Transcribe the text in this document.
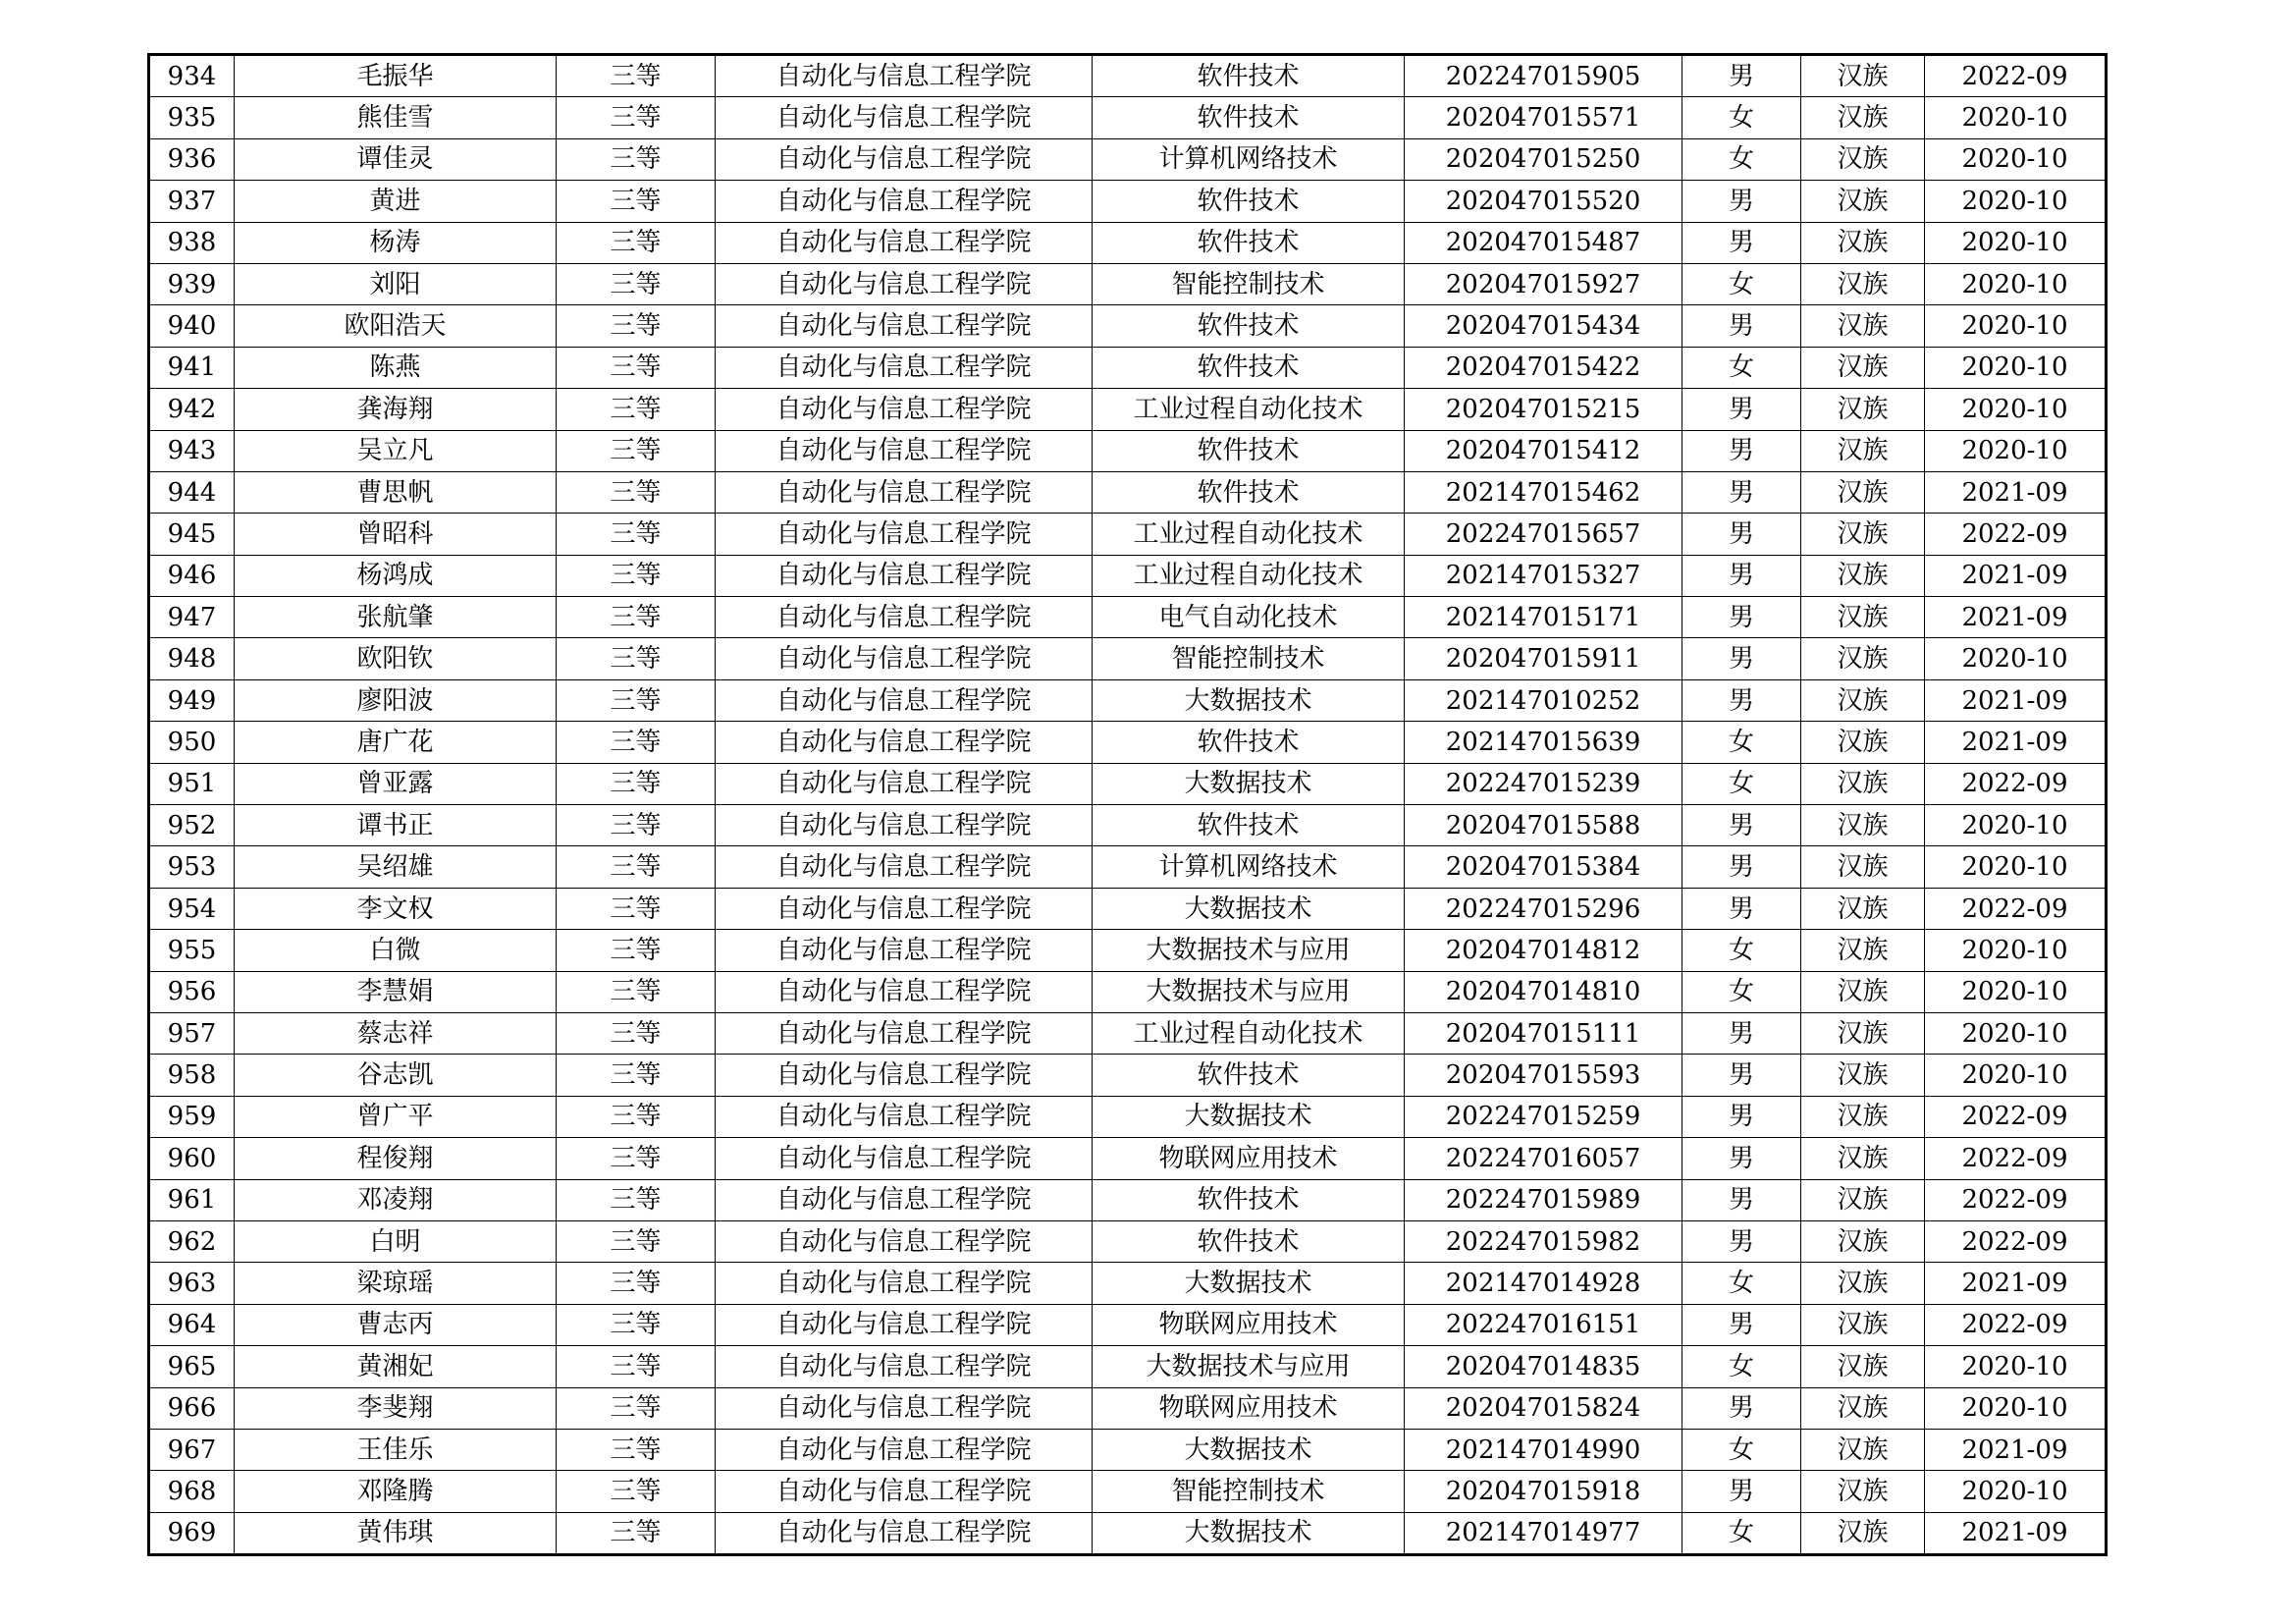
934	毛振华	三等	自动化与信息工程学院	软件技术	202247015905	男	汉族	2022-09
935	熊佳雪	三等	自动化与信息工程学院	软件技术	202047015571	女	汉族	2020-10
936	谭佳灵	三等	自动化与信息工程学院	计算机网络技术	202047015250	女	汉族	2020-10
937	黄进	三等	自动化与信息工程学院	软件技术	202047015520	男	汉族	2020-10
938	杨涛	三等	自动化与信息工程学院	软件技术	202047015487	男	汉族	2020-10
939	刘阳	三等	自动化与信息工程学院	智能控制技术	202047015927	女	汉族	2020-10
940	欧阳浩天	三等	自动化与信息工程学院	软件技术	202047015434	男	汉族	2020-10
941	陈燕	三等	自动化与信息工程学院	软件技术	202047015422	女	汉族	2020-10
942	龚海翔	三等	自动化与信息工程学院	工业过程自动化技术	202047015215	男	汉族	2020-10
943	吴立凡	三等	自动化与信息工程学院	软件技术	202047015412	男	汉族	2020-10
944	曹思帆	三等	自动化与信息工程学院	软件技术	202147015462	男	汉族	2021-09
945	曾昭科	三等	自动化与信息工程学院	工业过程自动化技术	202247015657	男	汉族	2022-09
946	杨鸿成	三等	自动化与信息工程学院	工业过程自动化技术	202147015327	男	汉族	2021-09
947	张航肇	三等	自动化与信息工程学院	电气自动化技术	202147015171	男	汉族	2021-09
948	欧阳钦	三等	自动化与信息工程学院	智能控制技术	202047015911	男	汉族	2020-10
949	廖阳波	三等	自动化与信息工程学院	大数据技术	202147010252	男	汉族	2021-09
950	唐广花	三等	自动化与信息工程学院	软件技术	202147015639	女	汉族	2021-09
951	曾亚露	三等	自动化与信息工程学院	大数据技术	202247015239	女	汉族	2022-09
952	谭书正	三等	自动化与信息工程学院	软件技术	202047015588	男	汉族	2020-10
953	吴绍雄	三等	自动化与信息工程学院	计算机网络技术	202047015384	男	汉族	2020-10
954	李文权	三等	自动化与信息工程学院	大数据技术	202247015296	男	汉族	2022-09
955	白微	三等	自动化与信息工程学院	大数据技术与应用	202047014812	女	汉族	2020-10
956	李慧娟	三等	自动化与信息工程学院	大数据技术与应用	202047014810	女	汉族	2020-10
957	蔡志祥	三等	自动化与信息工程学院	工业过程自动化技术	202047015111	男	汉族	2020-10
958	谷志凯	三等	自动化与信息工程学院	软件技术	202047015593	男	汉族	2020-10
959	曾广平	三等	自动化与信息工程学院	大数据技术	202247015259	男	汉族	2022-09
960	程俊翔	三等	自动化与信息工程学院	物联网应用技术	202247016057	男	汉族	2022-09
961	邓凌翔	三等	自动化与信息工程学院	软件技术	202247015989	男	汉族	2022-09
962	白明	三等	自动化与信息工程学院	软件技术	202247015982	男	汉族	2022-09
963	梁琼瑶	三等	自动化与信息工程学院	大数据技术	202147014928	女	汉族	2021-09
964	曹志丙	三等	自动化与信息工程学院	物联网应用技术	202247016151	男	汉族	2022-09
965	黄湘妃	三等	自动化与信息工程学院	大数据技术与应用	202047014835	女	汉族	2020-10
966	李斐翔	三等	自动化与信息工程学院	物联网应用技术	202047015824	男	汉族	2020-10
967	王佳乐	三等	自动化与信息工程学院	大数据技术	202147014990	女	汉族	2021-09
968	邓隆腾	三等	自动化与信息工程学院	智能控制技术	202047015918	男	汉族	2020-10
969	黄伟琪	三等	自动化与信息工程学院	大数据技术	202147014977	女	汉族	2021-09
